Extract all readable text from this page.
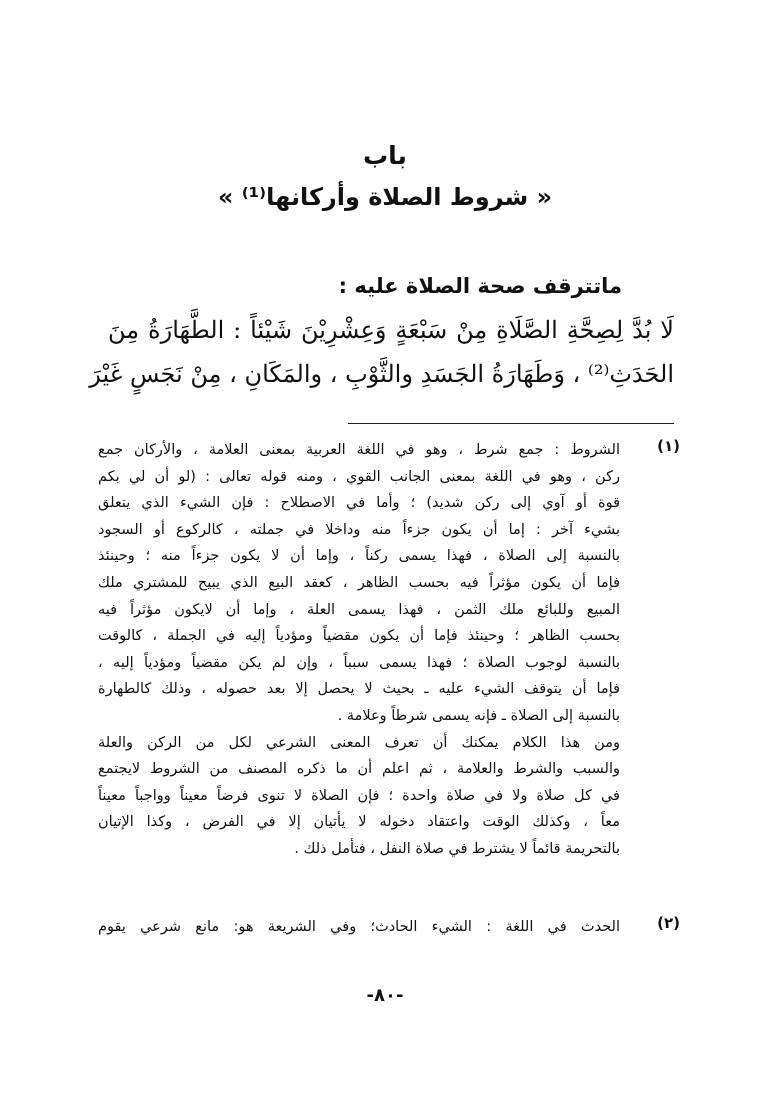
باب
« شروط الصلاة وأركانها⁽¹⁾ »
ماتترقف صحة الصلاة عليه :
لَا بُدَّ لِصِحَّةِ الصَّلَاةِ مِنْ سَبْعَةٍ وَعِشْرِيْنَ شَيْئاً : الطَّهَارَةُ مِنَ
الحَدَثِ⁽²⁾ ، وَطَهَارَةُ الجَسَدِ والثَّوْبِ ، والمَكَانِ ، مِنْ نَجَسٍ غَيْرَ
(١)
الشروط : جمع شرط ، وهو في اللغة العربية بمعنى العلامة ، والأركان جمع
ركن ، وهو في اللغة بمعنى الجانب القوي ، ومنه قوله تعالى : (لو أن لي بكم
قوة أو آوي إلى ركن شديد) ؛ وأما في الاصطلاح : فإن الشيء الذي يتعلق
بشيء آخر : إما أن يكون جزءاً منه وداخلا في جملته ، كالركوع أو السجود
بالنسبة إلى الصلاة ، فهذا يسمى ركناً ، وإما أن لا يكون جزءاً منه ؛ وحينئذ
فإما أن يكون مؤثراً فيه بحسب الظاهر ، كعقد البيع الذي يبيح للمشتري ملك
المبيع وللبائع ملك الثمن ، فهذا يسمى العلة ، وإما أن لايكون مؤثراً فيه
بحسب الظاهر ؛ وحينئذ فإما أن يكون مقضياً ومؤدياً إليه في الجملة ، كالوقت
بالنسبة لوجوب الصلاة ؛ فهذا يسمى سبباً ، وإن لم يكن مقضياً ومؤدياً إليه ،
فإما أن يتوقف الشيء عليه ـ بحيث لا يحصل إلا بعد حصوله ، وذلك كالطهارة
بالنسبة إلى الصلاة ـ فإنه يسمى شرطاً وعلامة .
ومن هذا الكلام يمكنك أن تعرف المعنى الشرعي لكل من الركن والعلة
والسبب والشرط والعلامة ، ثم اعلم أن ما ذكره المصنف من الشروط لايجتمع
في كل صلاة ولا في صلاة واحدة ؛ فإن الصلاة لا تنوى فرضاً معيناً وواجباً معيناً
معاً ، وكذلك الوقت واعتقاد دخوله لا يأتيان إلا في الفرض ، وكذا الإتيان
بالتحريمة قائماً لا يشترط في صلاة النفل ، فتأمل ذلك .
(٢)
الحدث في اللغة : الشيء الحادث؛ وفي الشريعة هو: مانع شرعي يقوم
-٨٠-
